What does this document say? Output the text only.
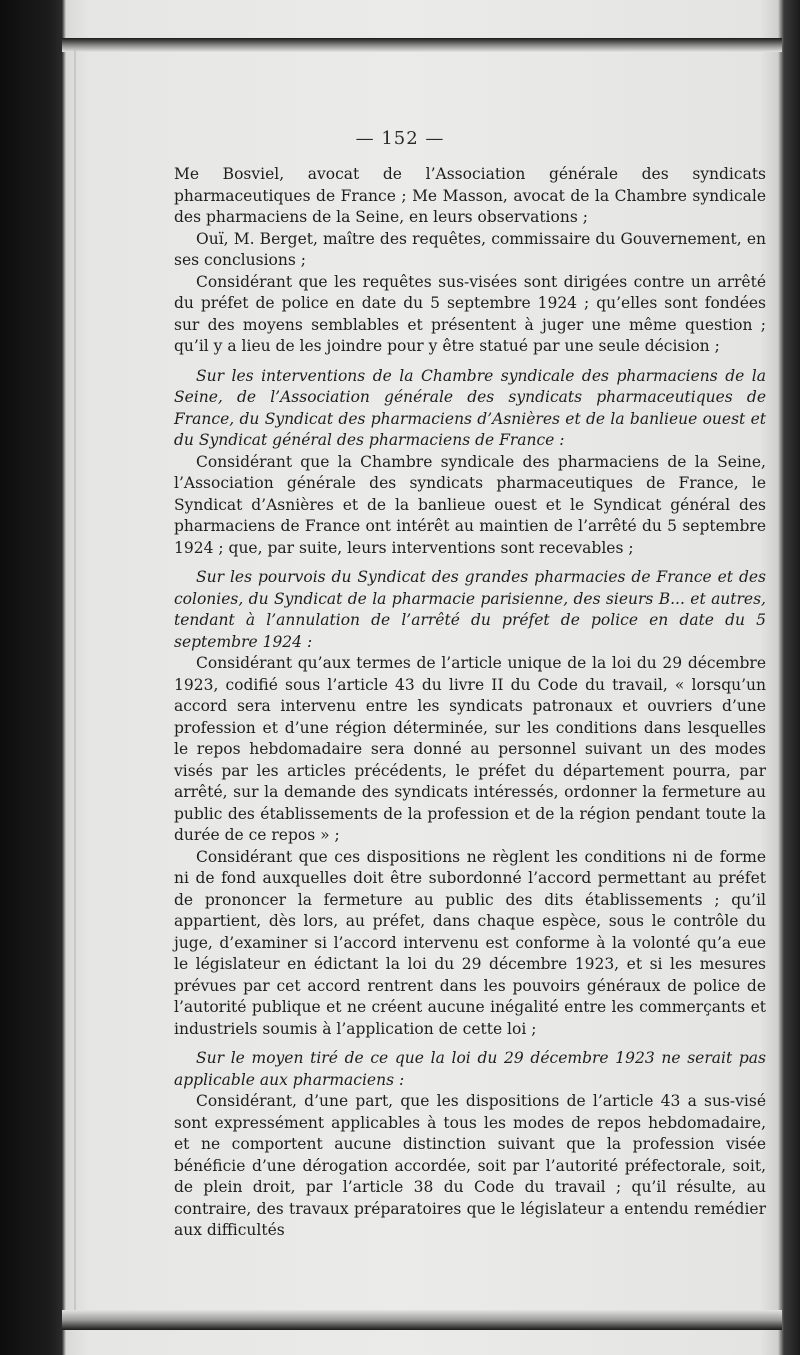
— 152 —

Me Bosviel, avocat de l’Association générale des syndicats pharmaceutiques de France ; Me Masson, avocat de la Chambre syndicale des pharmaciens de la Seine, en leurs observations ;

Ouï, M. Berget, maître des requêtes, commissaire du Gouvernement, en ses conclusions ;

Considérant que les requêtes sus-visées sont dirigées contre un arrêté du préfet de police en date du 5 septembre 1924 ; qu’elles sont fondées sur des moyens semblables et présentent à juger une même question ; qu’il y a lieu de les joindre pour y être statué par une seule décision ;

Sur les interventions de la Chambre syndicale des pharmaciens de la Seine, de l’Association générale des syndicats pharmaceutiques de France, du Syndicat des pharmaciens d’Asnières et de la banlieue ouest et du Syndicat général des pharmaciens de France :

Considérant que la Chambre syndicale des pharmaciens de la Seine, l’Association générale des syndicats pharmaceutiques de France, le Syndicat d’Asnières et de la banlieue ouest et le Syndicat général des pharmaciens de France ont intérêt au maintien de l’arrêté du 5 septembre 1924 ; que, par suite, leurs interventions sont recevables ;

Sur les pourvois du Syndicat des grandes pharmacies de France et des colonies, du Syndicat de la pharmacie parisienne, des sieurs B... et autres, tendant à l’annulation de l’arrêté du préfet de police en date du 5 septembre 1924 :

Considérant qu’aux termes de l’article unique de la loi du 29 décembre 1923, codifié sous l’article 43 du livre II du Code du travail, « lorsqu’un accord sera intervenu entre les syndicats patronaux et ouvriers d’une profession et d’une région déterminée, sur les conditions dans lesquelles le repos hebdomadaire sera donné au personnel suivant un des modes visés par les articles précédents, le préfet du département pourra, par arrêté, sur la demande des syndicats intéressés, ordonner la fermeture au public des établissements de la profession et de la région pendant toute la durée de ce repos » ;

Considérant que ces dispositions ne règlent les conditions ni de forme ni de fond auxquelles doit être subordonné l’accord permettant au préfet de prononcer la fermeture au public des dits établissements ; qu’il appartient, dès lors, au préfet, dans chaque espèce, sous le contrôle du juge, d’examiner si l’accord intervenu est conforme à la volonté qu’a eue le législateur en édictant la loi du 29 décembre 1923, et si les mesures prévues par cet accord rentrent dans les pouvoirs généraux de police de l’autorité publique et ne créent aucune inégalité entre les commerçants et industriels soumis à l’application de cette loi ;

Sur le moyen tiré de ce que la loi du 29 décembre 1923 ne serait pas applicable aux pharmaciens :

Considérant, d’une part, que les dispositions de l’article 43 a sus-visé sont expressément applicables à tous les modes de repos hebdomadaire, et ne comportent aucune distinction suivant que la profession visée bénéficie d’une dérogation accordée, soit par l’autorité préfectorale, soit, de plein droit, par l’article 38 du Code du travail ; qu’il résulte, au contraire, des travaux préparatoires que le législateur a entendu remédier aux difficultés
